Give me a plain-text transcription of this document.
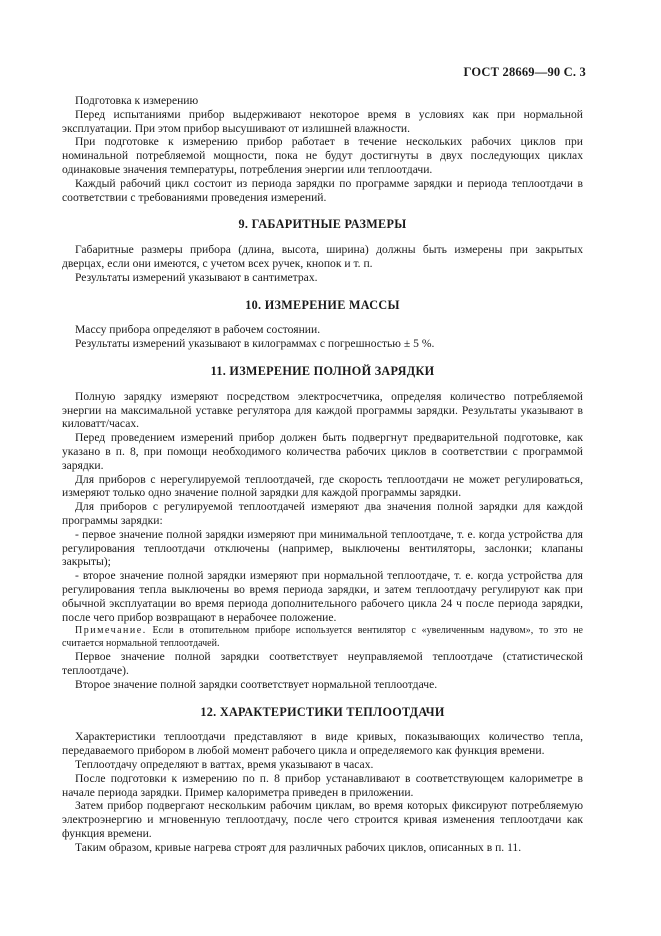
ГОСТ 28669—90 С. 3

Подготовка к измерению

Перед испытаниями прибор выдерживают некоторое время в условиях как при нормальной эксплуатации. При этом прибор высушивают от излишней влажности.

При подготовке к измерению прибор работает в течение нескольких рабочих циклов при номинальной потребляемой мощности, пока не будут достигнуты в двух последующих циклах одинаковые значения температуры, потребления энергии или теплоотдачи.

Каждый рабочий цикл состоит из периода зарядки по программе зарядки и периода теплоотдачи в соответствии с требованиями проведения измерений.

9. ГАБАРИТНЫЕ РАЗМЕРЫ

Габаритные размеры прибора (длина, высота, ширина) должны быть измерены при закрытых дверцах, если они имеются, с учетом всех ручек, кнопок и т. п.

Результаты измерений указывают в сантиметрах.

10. ИЗМЕРЕНИЕ МАССЫ

Массу прибора определяют в рабочем состоянии.

Результаты измерений указывают в килограммах с погрешностью ± 5 %.

11. ИЗМЕРЕНИЕ ПОЛНОЙ ЗАРЯДКИ

Полную зарядку измеряют посредством электросчетчика, определяя количество потребляемой энергии на максимальной уставке регулятора для каждой программы зарядки. Результаты указывают в киловатт/часах.

Перед проведением измерений прибор должен быть подвергнут предварительной подготовке, как указано в п. 8, при помощи необходимого количества рабочих циклов в соответствии с программой зарядки.

Для приборов с нерегулируемой теплоотдачей, где скорость теплоотдачи не может регулироваться, измеряют только одно значение полной зарядки для каждой программы зарядки.

Для приборов с регулируемой теплоотдачей измеряют два значения полной зарядки для каждой программы зарядки:

- первое значение полной зарядки измеряют при минимальной теплоотдаче, т. е. когда устройства для регулирования теплоотдачи отключены (например, выключены вентиляторы, заслонки; клапаны закрыты);

- второе значение полной зарядки измеряют при нормальной теплоотдаче, т. е. когда устройства для регулирования тепла выключены во время периода зарядки, и затем теплоотдачу регулируют как при обычной эксплуатации во время периода дополнительного рабочего цикла 24 ч после периода зарядки, после чего прибор возвращают в нерабочее положение.

Примечание. Если в отопительном приборе используется вентилятор с «увеличенным надувом», то это не считается нормальной теплоотдачей.

Первое значение полной зарядки соответствует неуправляемой теплоотдаче (статистической теплоотдаче).

Второе значение полной зарядки соответствует нормальной теплоотдаче.

12. ХАРАКТЕРИСТИКИ ТЕПЛООТДАЧИ

Характеристики теплоотдачи представляют в виде кривых, показывающих количество тепла, передаваемого прибором в любой момент рабочего цикла и определяемого как функция времени.

Теплоотдачу определяют в ваттах, время указывают в часах.

После подготовки к измерению по п. 8 прибор устанавливают в соответствующем калориметре в начале периода зарядки. Пример калориметра приведен в приложении.

Затем прибор подвергают нескольким рабочим циклам, во время которых фиксируют потребляемую электроэнергию и мгновенную теплоотдачу, после чего строится кривая изменения теплоотдачи как функция времени.

Таким образом, кривые нагрева строят для различных рабочих циклов, описанных в п. 11.
